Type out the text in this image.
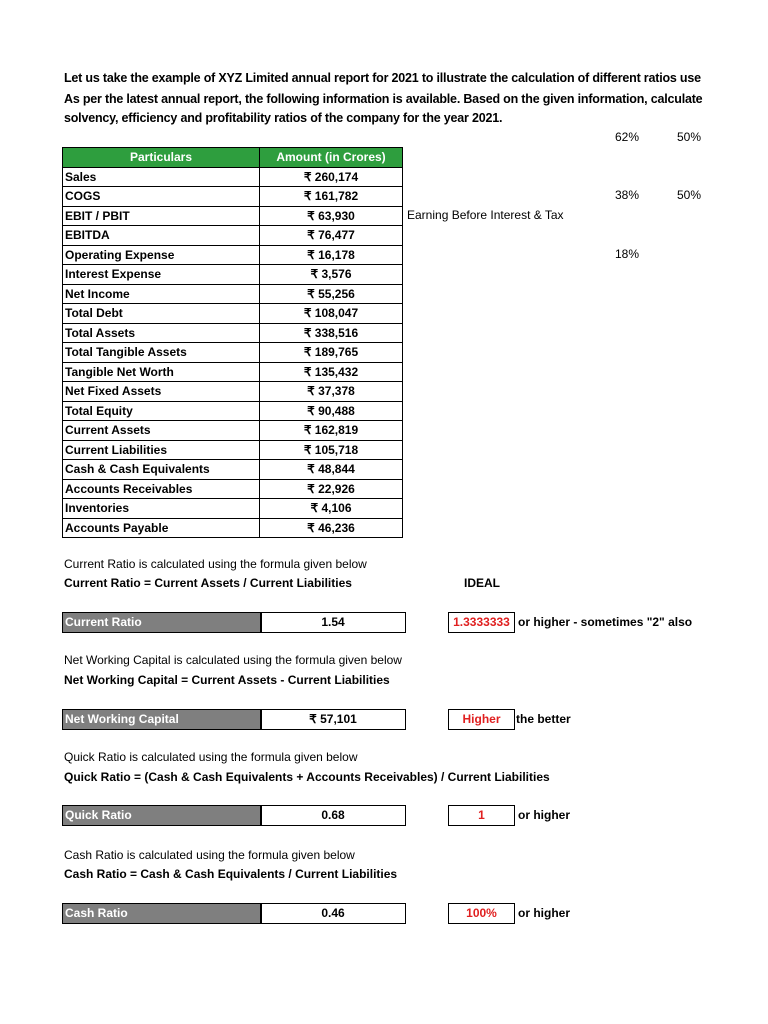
Let us take the example of XYZ Limited annual report for 2021 to illustrate the calculation of different ratios use
As per the latest annual report, the following information is available. Based on the given information, calculate
solvency, efficiency and profitability ratios of the company for the year 2021.
62%	50%
38%	50%
18%
Particulars	Amount (in Crores)
Sales	₹ 260,174
COGS	₹ 161,782
EBIT / PBIT	₹ 63,930
EBITDA	₹ 76,477
Operating Expense	₹ 16,178
Interest Expense	₹ 3,576
Net Income	₹ 55,256
Total Debt	₹ 108,047
Total Assets	₹ 338,516
Total Tangible Assets	₹ 189,765
Tangible Net Worth	₹ 135,432
Net Fixed Assets	₹ 37,378
Total Equity	₹ 90,488
Current Assets	₹ 162,819
Current Liabilities	₹ 105,718
Cash & Cash Equivalents	₹ 48,844
Accounts Receivables	₹ 22,926
Inventories	₹ 4,106
Accounts Payable	₹ 46,236
Earning Before Interest & Tax
Current Ratio is calculated using the formula given below
Current Ratio = Current Assets / Current Liabilities	IDEAL
Current Ratio	1.54	1.3333333 or higher - sometimes "2" also
Net Working Capital is calculated using the formula given below
Net Working Capital = Current Assets - Current Liabilities
Net Working Capital	₹ 57,101	Higher	the better
Quick Ratio is calculated using the formula given below
Quick Ratio = (Cash & Cash Equivalents + Accounts Receivables) / Current Liabilities
Quick Ratio	0.68	1	or higher
Cash Ratio is calculated using the formula given below
Cash Ratio = Cash & Cash Equivalents / Current Liabilities
Cash Ratio	0.46	100%	or higher
